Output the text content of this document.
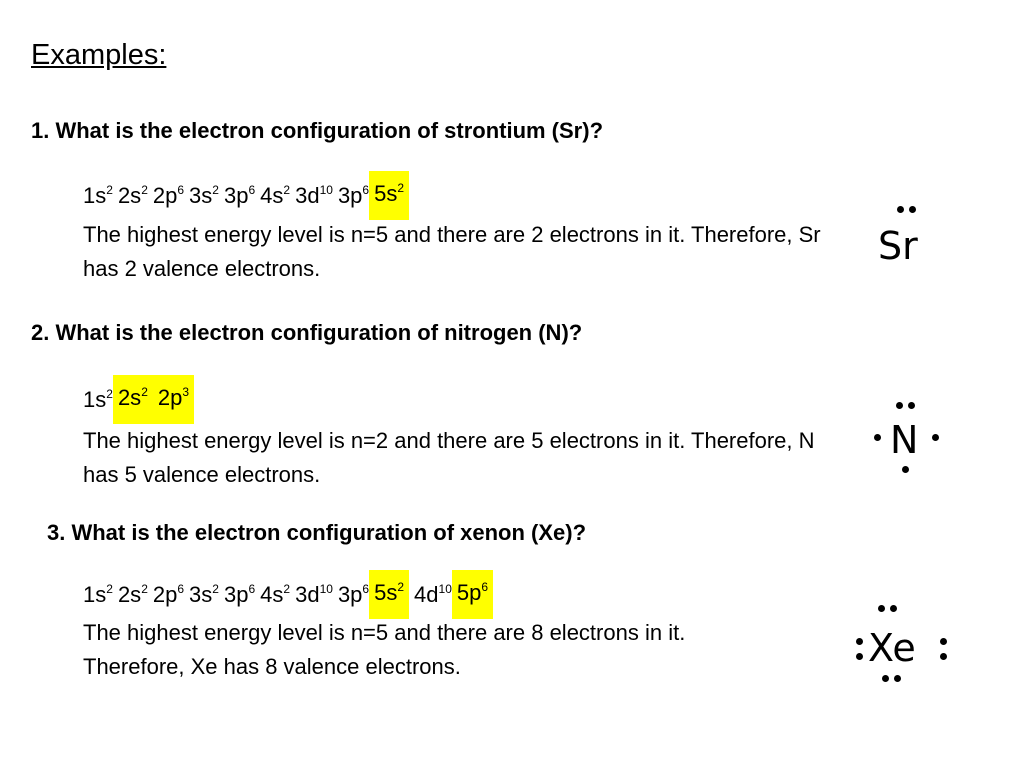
Examples:
1. What is the electron configuration of strontium (Sr)?
$1s^2$ $2s^2$ $2p^6$ $3s^2$ $3p^6$ $4s^2$ $3d^{10}$ $3p^6$ $5s^2$
The highest energy level is n=5 and there are 2 electrons in it. Therefore, Sr has 2 valence electrons.
Sr
2. What is the electron configuration of nitrogen (N)?
$1s^2$ $2s^2$ $2p^3$
The highest energy level is n=2 and there are 5 electrons in it. Therefore, N has 5 valence electrons.
N
3. What is the electron configuration of xenon (Xe)?
$1s^2$ $2s^2$ $2p^6$ $3s^2$ $3p^6$ $4s^2$ $3d^{10}$ $3p^6$ $5s^2$ $4d^{10}$ $5p^6$
The highest energy level is n=5 and there are 8 electrons in it. Therefore, Xe has 8 valence electrons.	Xe
